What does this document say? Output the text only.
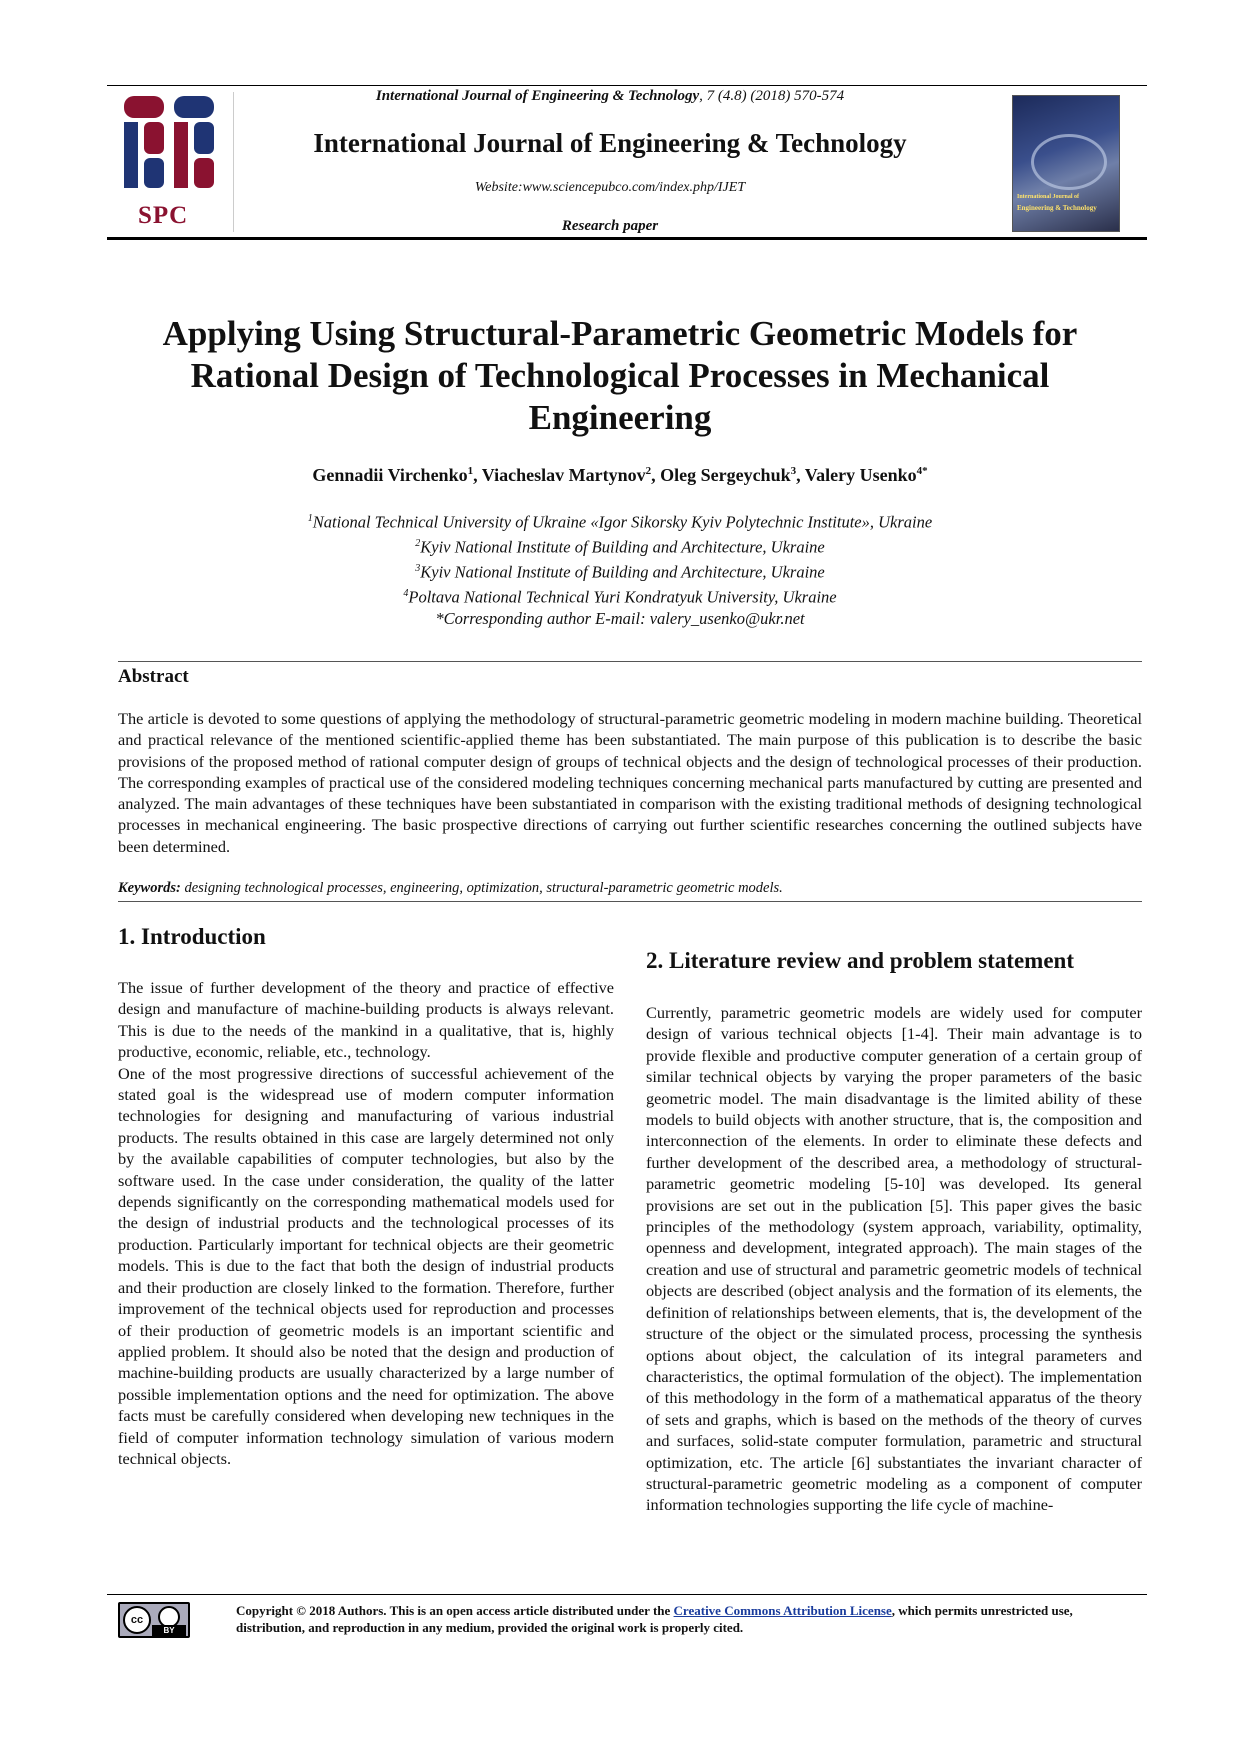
SPC
International Journal of Engineering & Technology, 7 (4.8) (2018) 570-574
International Journal of Engineering & Technology
Website:www.sciencepubco.com/index.php/IJET
Research paper
International Journal of
Engineering & Technology
Applying Using Structural-Parametric Geometric Models for
Rational Design of Technological Processes in Mechanical
Engineering
Gennadii Virchenko$^1$, Viacheslav Martynov$^2$, Oleg Sergeychuk$^3$, Valery Usenko$^{4*}$
$^1$National Technical University of Ukraine «Igor Sikorsky Kyiv Polytechnic Institute», Ukraine
$^2$Kyiv National Institute of Building and Architecture, Ukraine
$^3$Kyiv National Institute of Building and Architecture, Ukraine
$^4$Poltava National Technical Yuri Kondratyuk University, Ukraine
*Corresponding author E-mail: valery_usenko@ukr.net
Abstract
The article is devoted to some questions of applying the methodology of structural-parametric geometric modeling in modern machine building. Theoretical and practical relevance of the mentioned scientific-applied theme has been substantiated. The main purpose of this publication is to describe the basic provisions of the proposed method of rational computer design of groups of technical objects and the design of technological processes of their production. The corresponding examples of practical use of the considered modeling techniques concerning mechanical parts manufactured by cutting are presented and analyzed. The main advantages of these techniques have been substantiated in comparison with the existing traditional methods of designing technological processes in mechanical engineering. The basic prospective directions of carrying out further scientific researches concerning the outlined subjects have been determined.
Keywords: designing technological processes, engineering, optimization, structural-parametric geometric models.
1. Introduction

The issue of further development of the theory and practice of effective design and manufacture of machine-building products is always relevant. This is due to the needs of the mankind in a qualitative, that is, highly productive, economic, reliable, etc., technology.

One of the most progressive directions of successful achievement of the stated goal is the widespread use of modern computer information technologies for designing and manufacturing of various industrial products. The results obtained in this case are largely determined not only by the available capabilities of computer technologies, but also by the software used. In the case under consideration, the quality of the latter depends significantly on the corresponding mathematical models used for the design of industrial products and the technological processes of its production. Particularly important for technical objects are their geometric models. This is due to the fact that both the design of industrial products and their production are closely linked to the formation. Therefore, further improvement of the technical objects used for reproduction and processes of their production of geometric models is an important scientific and applied problem. It should also be noted that the design and production of machine-building products are usually characterized by a large number of possible implementation options and the need for optimization. The above facts must be carefully considered when developing new techniques in the field of computer information technology simulation of various modern technical objects.

2. Literature review and problem statement

Currently, parametric geometric models are widely used for computer design of various technical objects [1-4]. Their main advantage is to provide flexible and productive computer generation of a certain group of similar technical objects by varying the proper parameters of the basic geometric model. The main disadvantage is the limited ability of these models to build objects with another structure, that is, the composition and interconnection of the elements. In order to eliminate these defects and further development of the described area, a methodology of structural-parametric geometric modeling [5-10] was developed. Its general provisions are set out in the publication [5]. This paper gives the basic principles of the methodology (system approach, variability, optimality, openness and development, integrated approach). The main stages of the creation and use of structural and parametric geometric models of technical objects are described (object analysis and the formation of its elements, the definition of relationships between elements, that is, the development of the structure of the object or the simulated process, processing the synthesis options about object, the calculation of its integral parameters and characteristics, the optimal formulation of the object). The implementation of this methodology in the form of a mathematical apparatus of the theory of sets and graphs, which is based on the methods of the theory of curves and surfaces, solid-state computer formulation, parametric and structural optimization, etc. The article [6] substantiates the invariant character of structural-parametric geometric modeling as a component of computer information technologies supporting the life cycle of machine-

cc
BY
Copyright © 2018 Authors. This is an open access article distributed under the Creative Commons Attribution License, which permits unrestricted use, distribution, and reproduction in any medium, provided the original work is properly cited.
